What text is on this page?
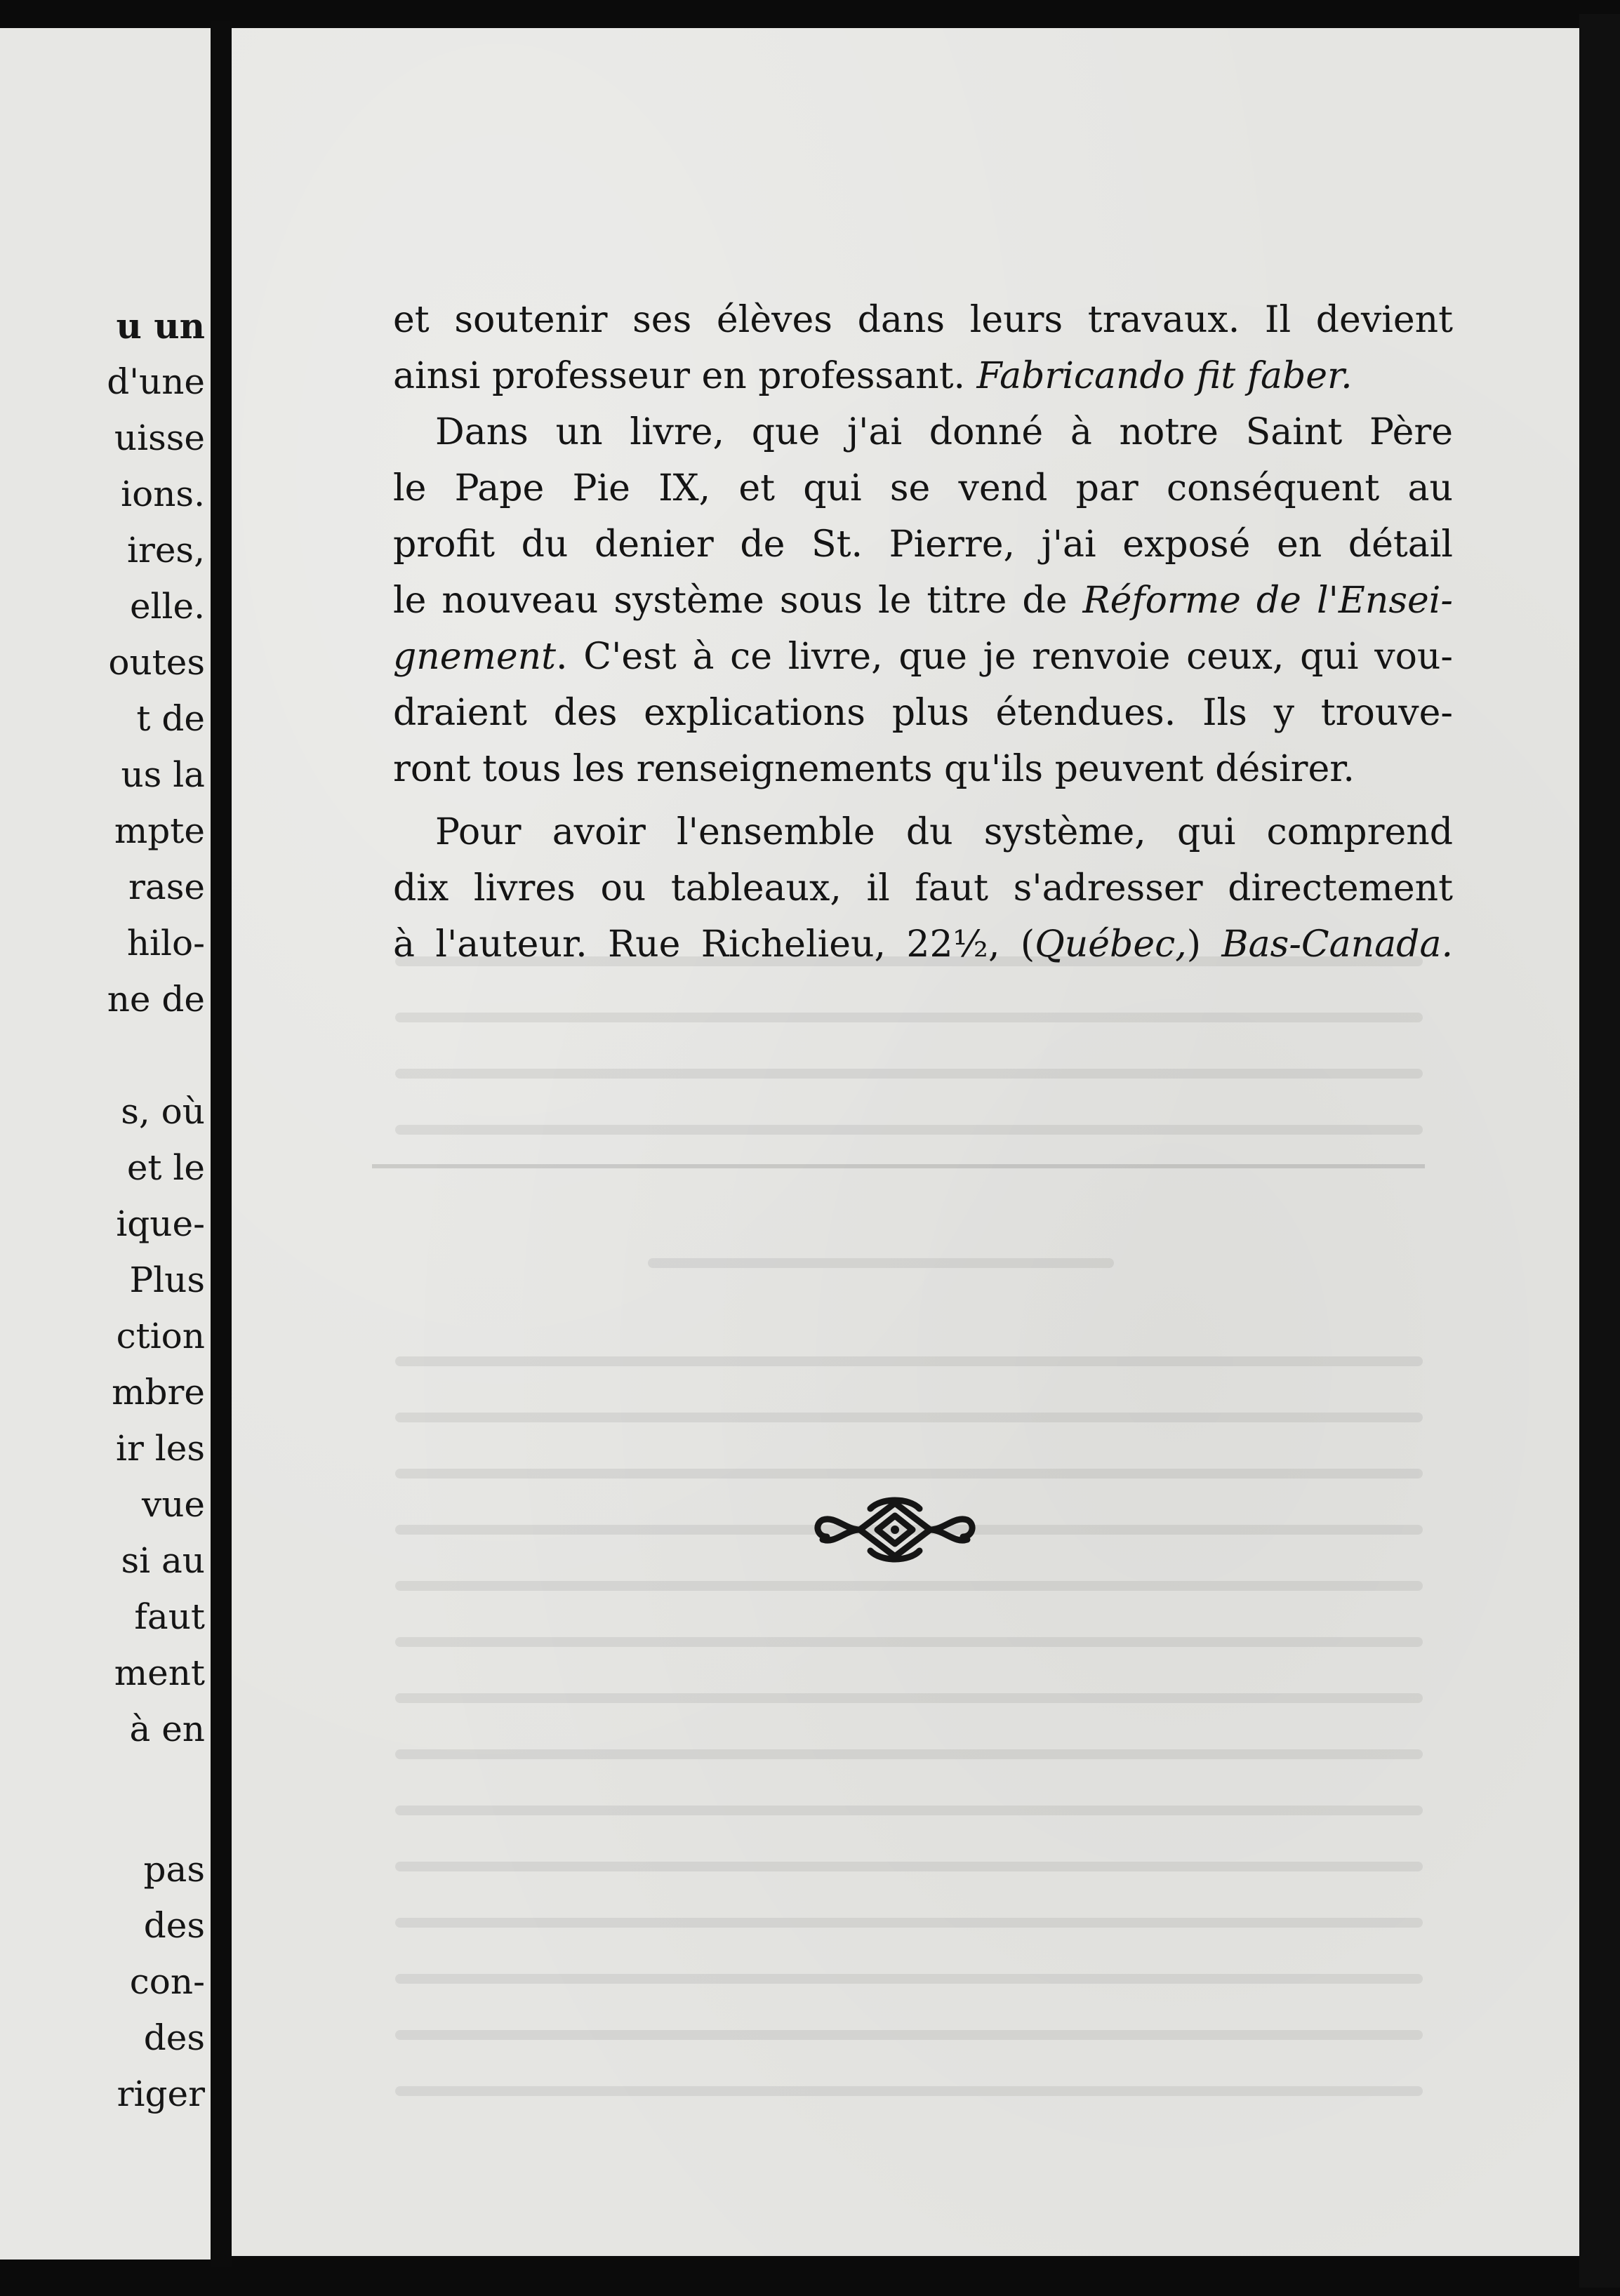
u un
d'une
uisse
ions.
ires,
elle.
outes
t de
us la
mpte
rase
hilo-
ne de
s, où
et le
ique-
Plus
ction
mbre
ir les
vue
si au
faut
ment
à en
pas
des
con-
des
riger
et soutenir ses élèves dans leurs travaux. Il devient
ainsi professeur en professant. Fabricando fit faber.
Dans un livre, que j'ai donné à notre Saint Père
le Pape Pie IX, et qui se vend par conséquent au
profit du denier de St. Pierre, j'ai exposé en détail
le nouveau système sous le titre de Réforme de l'Ensei-
gnement. C'est à ce livre, que je renvoie ceux, qui vou-
draient des explications plus étendues. Ils y trouve-
ront tous les renseignements qu'ils peuvent désirer.
Pour avoir l'ensemble du système, qui comprend
dix livres ou tableaux, il faut s'adresser directement
à l'auteur. Rue Richelieu, 22½, (Québec,) Bas-Canada.
